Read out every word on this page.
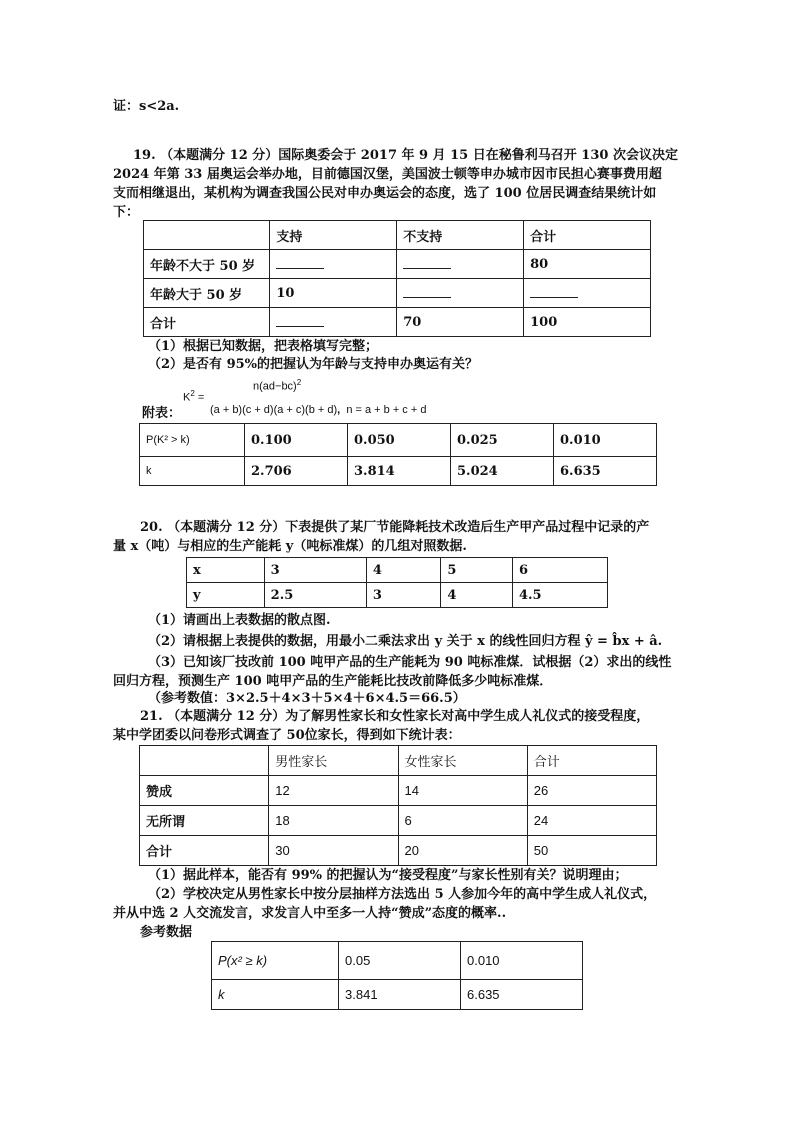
证：s<2a.
19. （本题满分 12 分）国际奥委会于 2017 年 9 月 15 日在秘鲁利马召开 130 次会议决定
2024 年第 33 届奥运会举办地，目前德国汉堡，美国波士顿等申办城市因市民担心赛事费用超
支而相继退出，某机构为调查我国公民对申办奥运会的态度，选了 100 位居民调查结果统计如
下：
	支持	不支持	合计
年龄不大于 50 岁			80
年龄大于 50 岁	10		
合计		70	100
（1）根据已知数据，把表格填写完整；
（2）是否有 95%的把握认为年龄与支持申办奥运有关？
$n(ad-bc)^2$
$K^2$ =
附表：	(a + b)(c + d)(a + c)(b + d), n = a + b + c + d
P(K² > k)	0.100	0.050	0.025	0.010
k	2.706	3.814	5.024	6.635
20. （本题满分 12 分）下表提供了某厂节能降耗技术改造后生产甲产品过程中记录的产
量 x（吨）与相应的生产能耗 y（吨标准煤）的几组对照数据.
x	3	4	5	6
y	2.5	3	4	4.5
（1）请画出上表数据的散点图.
（2）请根据上表提供的数据，用最小二乘法求出 y 关于 x 的线性回归方程 ŷ = b̂x + â.
（3）已知该厂技改前 100 吨甲产品的生产能耗为 90 吨标准煤．试根据（2）求出的线性
回归方程，预测生产 100 吨甲产品的生产能耗比技改前降低多少吨标准煤．
（参考数值：3×2.5＋4×3＋5×4＋6×4.5＝66.5）
21. （本题满分 12 分）为了解男性家长和女性家长对高中学生成人礼仪式的接受程度，
某中学团委以问卷形式调查了 50位家长，得到如下统计表：
	男性家长	女性家长	合计
赞成	12	14	26
无所谓	18	6	24
合计	30	20	50
（1）据此样本，能否有 99% 的把握认为“接受程度”与家长性别有关？说明理由；
（2）学校决定从男性家长中按分层抽样方法选出 5 人参加今年的高中学生成人礼仪式，
并从中选 2 人交流发言，求发言人中至多一人持“赞成”态度的概率..
参考数据
P(x² ≥ k)	0.05	0.010
k	3.841	6.635
